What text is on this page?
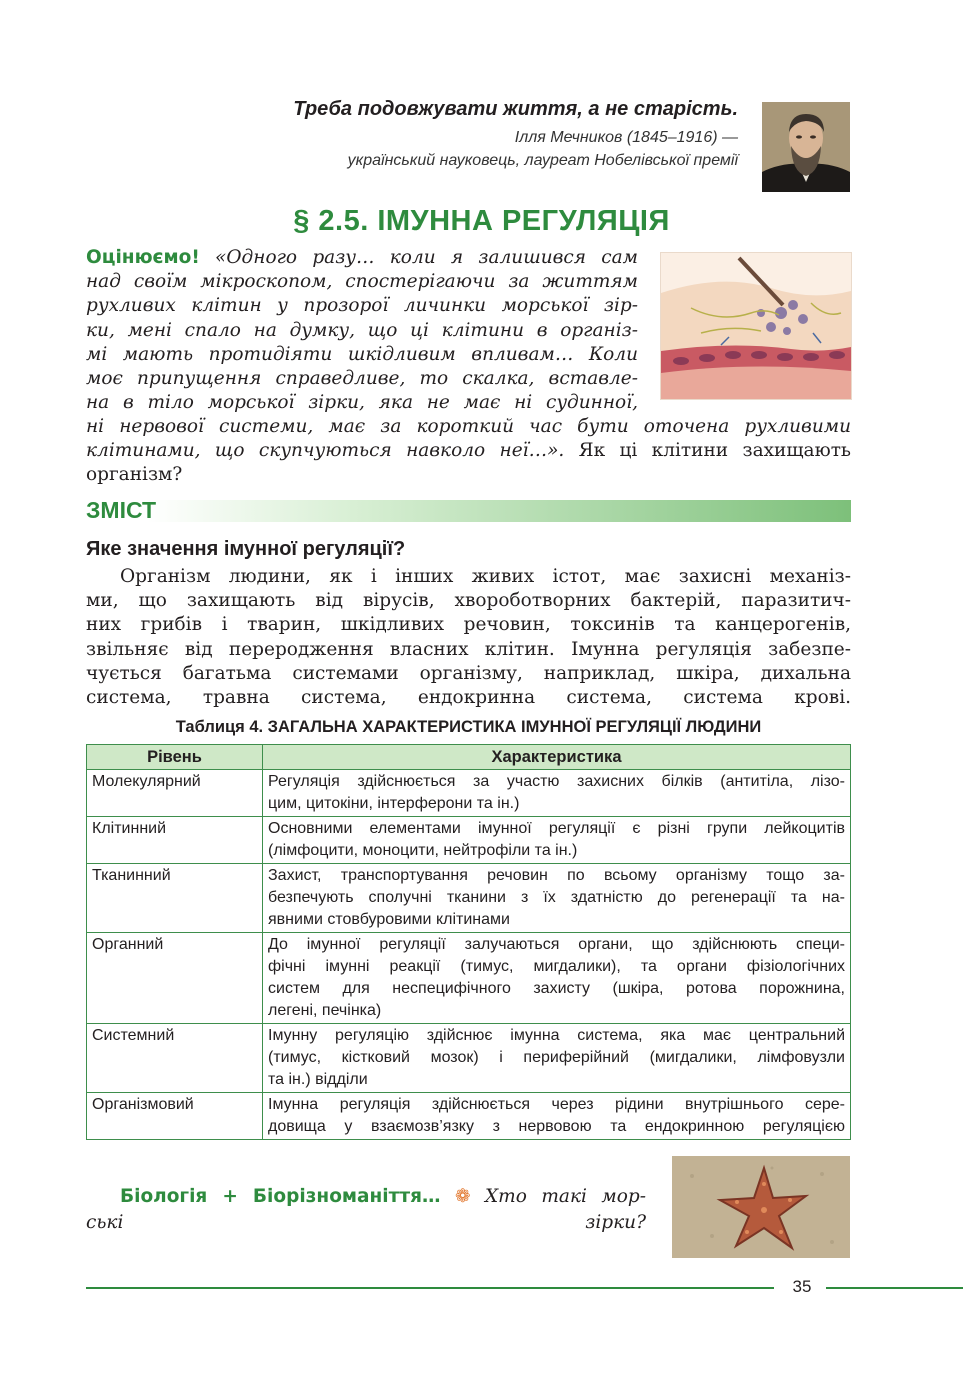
Треба подовжувати життя, а не старість.
Ілля Мечников (1845–1916) —
український науковець, лауреат Нобелівської премії
§ 2.5. ІМУННА РЕГУЛЯЦІЯ
Оцінюємо! «Одного разу… коли я залишився сам
над своїм мікроскопом, спостерігаючи за життям
рухливих клітин у прозорої личинки морської зір-
ки, мені спало на думку, що ці клітини в організ-
мі мають протидіяти шкідливим впливам… Коли
моє припущення справедливе, то скалка, вставле-
на в тіло морської зірки, яка не має ні судинної,
ні нервової системи, має за короткий час бути оточена рухливими
клітинами, що скупчуються навколо неї…». Як ці клітини захищають
організм?
ЗМІСТ
Яке значення імунної регуляції?
Організм людини, як і інших живих істот, має захисні механіз-
ми, що захищають від вірусів, хвороботворних бактерій, паразитич-
них грибів і тварин, шкідливих речовин, токсинів та канцерогенів,
звільняє від переродження власних клітин. Імунна регуляція забезпе-
чується багатьма системами організму, наприклад, шкіра, дихальна
система, травна система, ендокринна система, система крові.
Таблиця 4. ЗАГАЛЬНА ХАРАКТЕРИСТИКА ІМУННОЇ РЕГУЛЯЦІЇ ЛЮДИНИ
Рівень	Характеристика
Молекулярний	Регуляція здійснюється за участю захисних білків (антитіла, лізо-
цим, цитокіни, інтерферони та ін.)

Клітинний	Основними елементами імунної регуляції є різні групи лейкоцитів
(лімфоцити, моноцити, нейтрофіли та ін.)

Тканинний	Захист, транспортування речовин по всьому організму тощо за-
безпечують сполучні тканини з їх здатністю до регенерації та на-
явними стовбуровими клітинами

Органний	До імунної регуляції залучаються органи, що здійснюють специ-
фічні імунні реакції (тимус, мигдалики), та органи фізіологічних
систем для неспецифічного захисту (шкіра, ротова порожнина,
легені, печінка)

Системний	Імунну регуляцію здійснює імунна система, яка має центральний
(тимус, кістковий мозок) і периферійний (мигдалики, лімфовузли
та ін.) відділи

Організмовий	Імунна регуляція здійснюється через рідини внутрішнього сере-
довища у взаємозв’язку з нервовою та ендокринною регуляцією
Біологія + Біорізноманіття… ❁ Хто такі мор-
ські зірки?
35
